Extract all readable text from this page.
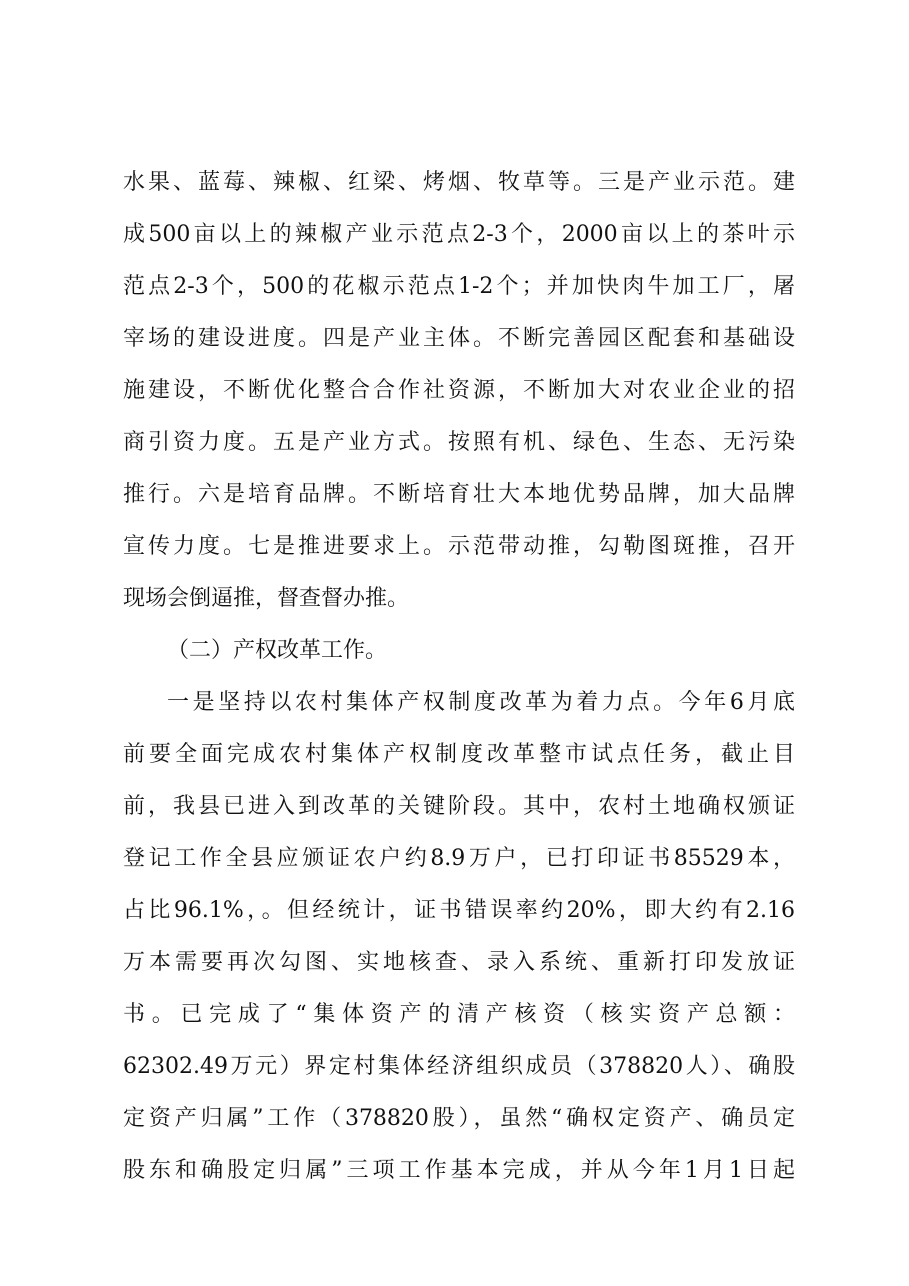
水果、蓝莓、辣椒、红梁、烤烟、牧草等。三是产业示范。建
成500亩以上的辣椒产业示范点2-3个，2000亩以上的茶叶示
范点2-3个，500的花椒示范点1-2个；并加快肉牛加工厂，屠
宰场的建设进度。四是产业主体。不断完善园区配套和基础设
施建设，不断优化整合合作社资源，不断加大对农业企业的招
商引资力度。五是产业方式。按照有机、绿色、生态、无污染
推行。六是培育品牌。不断培育壮大本地优势品牌，加大品牌
宣传力度。七是推进要求上。示范带动推，勾勒图斑推，召开
现场会倒逼推，督查督办推。
（二）产权改革工作。
一是坚持以农村集体产权制度改革为着力点。今年6月底
前要全面完成农村集体产权制度改革整市试点任务，截止目
前，我县已进入到改革的关键阶段。其中，农村土地确权颁证
登记工作全县应颁证农户约8.9万户，已打印证书85529本，
占比96.1%，。但经统计，证书错误率约20%，即大约有2.16
万本需要再次勾图、实地核查、录入系统、重新打印发放证
书。已完成了“集体资产的清产核资（核实资产总额：
62302.49万元）界定村集体经济组织成员（378820人）、确股
定资产归属”工作（378820股），虽然“确权定资产、确员定
股东和确股定归属”三项工作基本完成，并从今年1月1日起
